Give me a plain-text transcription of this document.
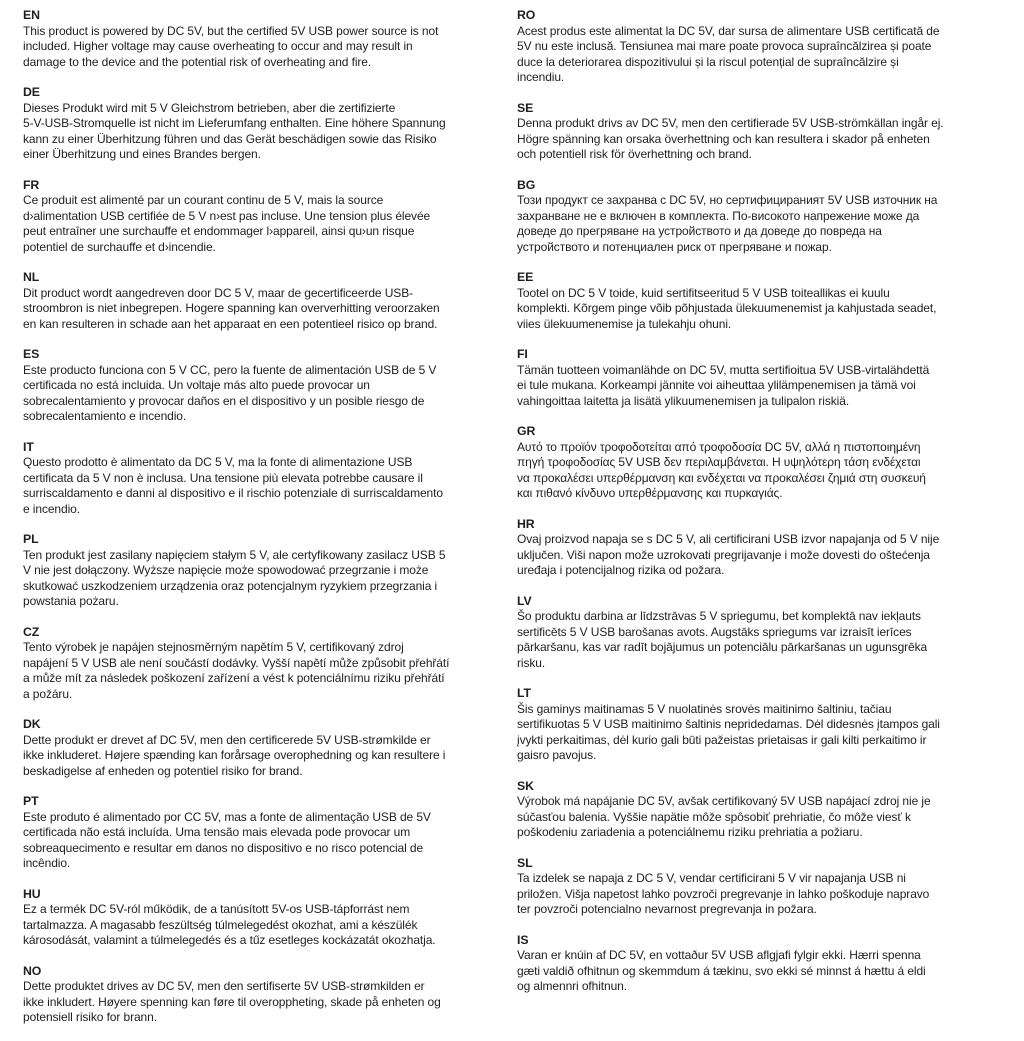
EN
This product is powered by DC 5V, but the certified 5V USB power source is not
included. Higher voltage may cause overheating to occur and may result in
damage to the device and the potential risk of overheating and fire.
DE
Dieses Produkt wird mit 5 V Gleichstrom betrieben, aber die zertifizierte
5-V-USB-Stromquelle ist nicht im Lieferumfang enthalten. Eine höhere Spannung
kann zu einer Überhitzung führen und das Gerät beschädigen sowie das Risiko
einer Überhitzung und eines Brandes bergen.
FR
Ce produit est alimenté par un courant continu de 5 V, mais la source
d›alimentation USB certifiée de 5 V n›est pas incluse. Une tension plus élevée
peut entraîner une surchauffe et endommager l›appareil, ainsi qu›un risque
potentiel de surchauffe et d›incendie.
NL
Dit product wordt aangedreven door DC 5 V, maar de gecertificeerde USB-
stroombron is niet inbegrepen. Hogere spanning kan oververhitting veroorzaken
en kan resulteren in schade aan het apparaat en een potentieel risico op brand.
ES
Este producto funciona con 5 V CC, pero la fuente de alimentación USB de 5 V
certificada no está incluida. Un voltaje más alto puede provocar un
sobrecalentamiento y provocar daños en el dispositivo y un posible riesgo de
sobrecalentamiento e incendio.
IT
Questo prodotto è alimentato da DC 5 V, ma la fonte di alimentazione USB
certificata da 5 V non è inclusa. Una tensione più elevata potrebbe causare il
surriscaldamento e danni al dispositivo e il rischio potenziale di surriscaldamento
e incendio.
PL
Ten produkt jest zasilany napięciem stałym 5 V, ale certyfikowany zasilacz USB 5
V nie jest dołączony. Wyższe napięcie może spowodować przegrzanie i może
skutkować uszkodzeniem urządzenia oraz potencjalnym ryzykiem przegrzania i
powstania pożaru.
CZ
Tento výrobek je napájen stejnosměrným napětím 5 V, certifikovaný zdroj
napájení 5 V USB ale není součástí dodávky. Vyšší napětí může způsobit přehřátí
a může mít za následek poškození zařízení a vést k potenciálnímu riziku přehřátí
a požáru.
DK
Dette produkt er drevet af DC 5V, men den certificerede 5V USB-strømkilde er
ikke inkluderet. Højere spænding kan forårsage overophedning og kan resultere i
beskadigelse af enheden og potentiel risiko for brand.
PT
Este produto é alimentado por CC 5V, mas a fonte de alimentação USB de 5V
certificada não está incluída. Uma tensão mais elevada pode provocar um
sobreaquecimento e resultar em danos no dispositivo e no risco potencial de
incêndio.
HU
Ez a termék DC 5V-ról működik, de a tanúsított 5V-os USB-tápforrást nem
tartalmazza. A magasabb feszültség túlmelegedést okozhat, ami a készülék
károsodását, valamint a túlmelegedés és a tűz esetleges kockázatát okozhatja.
NO
Dette produktet drives av DC 5V, men den sertifiserte 5V USB-strømkilden er
ikke inkludert. Høyere spenning kan føre til overoppheting, skade på enheten og
potensiell risiko for brann.
RO
Acest produs este alimentat la DC 5V, dar sursa de alimentare USB certificată de
5V nu este inclusă. Tensiunea mai mare poate provoca supraîncălzirea și poate
duce la deteriorarea dispozitivului și la riscul potențial de supraîncălzire și
incendiu.
SE
Denna produkt drivs av DC 5V, men den certifierade 5V USB-strömkällan ingår ej.
Högre spänning kan orsaka överhettning och kan resultera i skador på enheten
och potentiell risk för överhettning och brand.
BG
Този продукт се захранва с DC 5V, но сертифицираният 5V USB източник на
захранване не е включен в комплекта. По-високото напрежение може да
доведе до прегряване на устройството и да доведе до повреда на
устройството и потенциален риск от прегряване и пожар.
EE
Tootel on DC 5 V toide, kuid sertifitseeritud 5 V USB toiteallikas ei kuulu
komplekti. Kõrgem pinge võib põhjustada ülekuumenemist ja kahjustada seadet,
viies ülekuumenemise ja tulekahju ohuni.
FI
Tämän tuotteen voimanlähde on DC 5V, mutta sertifioitua 5V USB-virtalähdettä
ei tule mukana. Korkeampi jännite voi aiheuttaa ylilämpenemisen ja tämä voi
vahingoittaa laitetta ja lisätä ylikuumenemisen ja tulipalon riskiä.
GR
Αυτό το προϊόν τροφοδοτείται από τροφοδοσία DC 5V, αλλά η πιστοποιημένη
πηγή τροφοδοσίας 5V USB δεν περιλαμβάνεται. Η υψηλότερη τάση ενδέχεται
να προκαλέσει υπερθέρμανση και ενδέχεται να προκαλέσει ζημιά στη συσκευή
και πιθανό κίνδυνο υπερθέρμανσης και πυρκαγιάς.
HR
Ovaj proizvod napaja se s DC 5 V, ali certificirani USB izvor napajanja od 5 V nije
uključen. Viši napon može uzrokovati pregrijavanje i može dovesti do oštećenja
uređaja i potencijalnog rizika od požara.
LV
Šo produktu darbina ar līdzstrāvas 5 V spriegumu, bet komplektā nav iekļauts
sertificēts 5 V USB barošanas avots. Augstāks spriegums var izraisīt ierīces
pārkaršanu, kas var radīt bojājumus un potenciālu pārkaršanas un ugunsgrēka
risku.
LT
Šis gaminys maitinamas 5 V nuolatinės srovės maitinimo šaltiniu, tačiau
sertifikuotas 5 V USB maitinimo šaltinis nepridedamas. Dėl didesnės įtampos gali
įvykti perkaitimas, dėl kurio gali būti pažeistas prietaisas ir gali kilti perkaitimo ir
gaisro pavojus.
SK
Výrobok má napájanie DC 5V, avšak certifikovaný 5V USB napájací zdroj nie je
súčasťou balenia. Vyššie napätie môže spôsobiť prehriatie, čo môže viesť k
poškodeniu zariadenia a potenciálnemu riziku prehriatia a požiaru.
SL
Ta izdelek se napaja z DC 5 V, vendar certificirani 5 V vir napajanja USB ni
priložen. Višja napetost lahko povzroči pregrevanje in lahko poškoduje napravo
ter povzroči potencialno nevarnost pregrevanja in požara.
IS
Varan er knúin af DC 5V, en vottaður 5V USB aflgjafi fylgir ekki. Hærri spenna
gæti valdið ofhitnun og skemmdum á tækinu, svo ekki sé minnst á hættu á eldi
og almennri ofhitnun.
